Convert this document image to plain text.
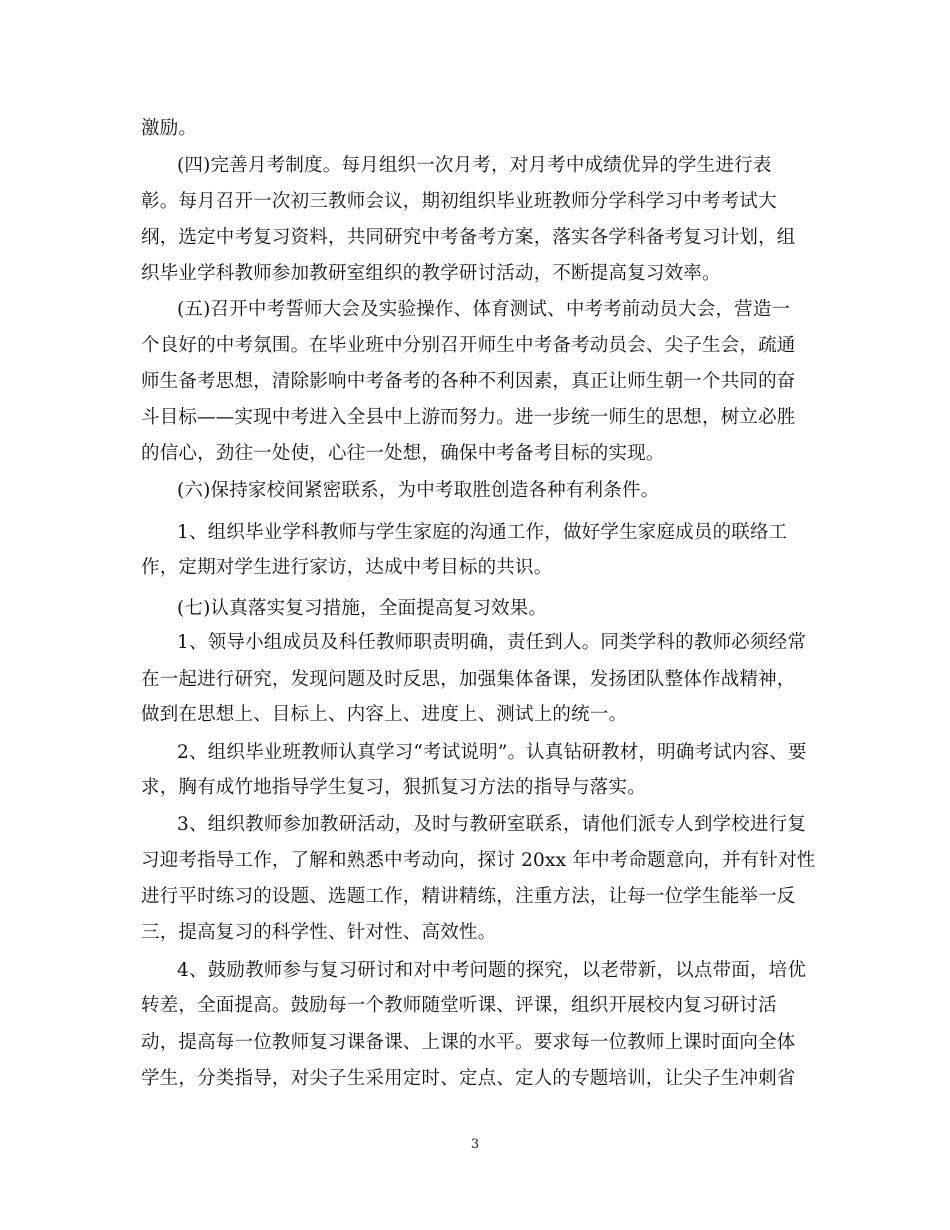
激励。
(四)完善月考制度。每月组织一次月考，对月考中成绩优异的学生进行表
彰。每月召开一次初三教师会议，期初组织毕业班教师分学科学习中考考试大
纲，选定中考复习资料，共同研究中考备考方案，落实各学科备考复习计划，组
织毕业学科教师参加教研室组织的教学研讨活动，不断提高复习效率。
(五)召开中考誓师大会及实验操作、体育测试、中考考前动员大会，营造一
个良好的中考氛围。在毕业班中分别召开师生中考备考动员会、尖子生会，疏通
师生备考思想，清除影响中考备考的各种不利因素，真正让师生朝一个共同的奋
斗目标——实现中考进入全县中上游而努力。进一步统一师生的思想，树立必胜
的信心，劲往一处使，心往一处想，确保中考备考目标的实现。
(六)保持家校间紧密联系，为中考取胜创造各种有利条件。
1、组织毕业学科教师与学生家庭的沟通工作，做好学生家庭成员的联络工
作，定期对学生进行家访，达成中考目标的共识。
(七)认真落实复习措施，全面提高复习效果。
1、领导小组成员及科任教师职责明确，责任到人。同类学科的教师必须经常
在一起进行研究，发现问题及时反思，加强集体备课，发扬团队整体作战精神，
做到在思想上、目标上、内容上、进度上、测试上的统一。
2、组织毕业班教师认真学习“考试说明”。认真钻研教材，明确考试内容、要
求，胸有成竹地指导学生复习，狠抓复习方法的指导与落实。
3、组织教师参加教研活动，及时与教研室联系，请他们派专人到学校进行复
习迎考指导工作，了解和熟悉中考动向，探讨 20xx 年中考命题意向，并有针对性
进行平时练习的设题、选题工作，精讲精练，注重方法，让每一位学生能举一反
三，提高复习的科学性、针对性、高效性。
4、鼓励教师参与复习研讨和对中考问题的探究，以老带新，以点带面，培优
转差，全面提高。鼓励每一个教师随堂听课、评课，组织开展校内复习研讨活
动，提高每一位教师复习课备课、上课的水平。要求每一位教师上课时面向全体
学生，分类指导，对尖子生采用定时、定点、定人的专题培训，让尖子生冲刺省
3
